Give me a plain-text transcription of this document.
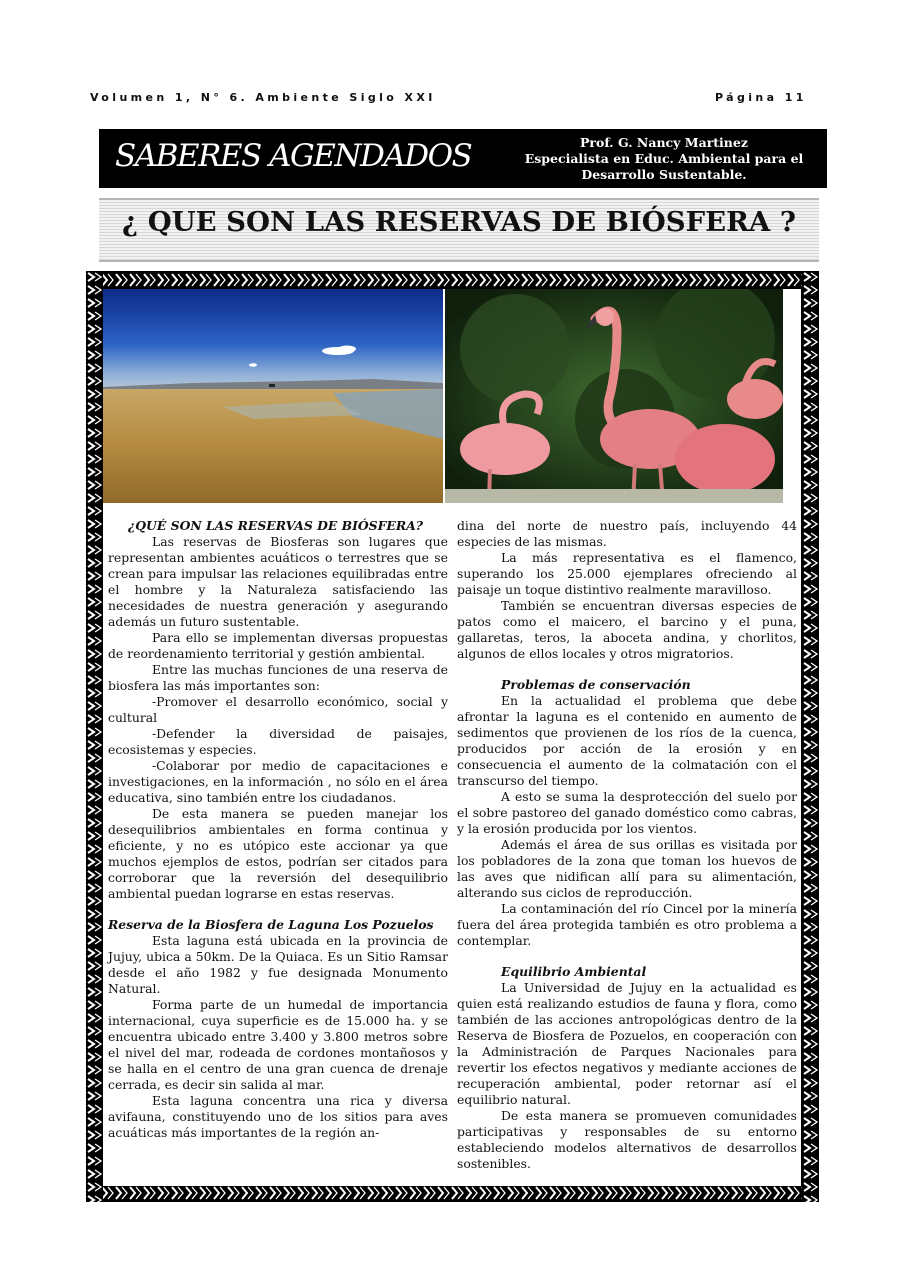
Volumen 1, N° 6. Ambiente Siglo XXI	Página 11
SABERES AGENDADOS	Prof. G. Nancy Martinez
Especialista en Educ. Ambiental para el
Desarrollo Sustentable.
¿ QUE SON LAS RESERVAS DE BIÓSFERA ?

¿QUÉ SON LAS RESERVAS DE BIÓSFERA?

Las reservas de Biosferas son lugares que representan ambientes acuáticos o terrestres que se crean para impulsar las relaciones equilibradas entre el hombre y la Naturaleza satisfaciendo las necesidades de nuestra generación y asegurando además un futuro sustentable.

Para ello se implementan diversas propuestas de reordenamiento territorial y gestión ambiental.

Entre las muchas funciones de una reserva de biosfera las más importantes son:

-Promover el desarrollo económico, social y cultural

-Defender la diversidad de paisajes, ecosistemas y especies.

-Colaborar por medio de capacitaciones e investigaciones, en la información , no sólo en el área educativa, sino también entre los ciudadanos.

De esta manera se pueden manejar los desequilibrios ambientales en forma continua y eficiente, y no es utópico este accionar ya que muchos ejemplos de estos, podrían ser citados para corroborar que la reversión del desequilibrio ambiental puedan lograrse en estas reservas.

Reserva de la Biosfera de Laguna Los Pozuelos

Esta laguna está ubicada en la provincia de Jujuy, ubica a 50km. De la Quiaca. Es un Sitio Ramsar desde el año 1982 y fue designada Monumento Natural.

Forma parte de un humedal de importancia internacional, cuya superficie es de 15.000 ha. y se encuentra ubicado entre 3.400 y 3.800 metros sobre el nivel del mar, rodeada de cordones montañosos y se halla en el centro de una gran cuenca de drenaje cerrada, es decir sin salida al mar.

Esta laguna concentra una rica y diversa avifauna, constituyendo uno de los sitios para aves acuáticas más importantes de la región an-

dina del norte de nuestro país, incluyendo 44 especies de las mismas.

La más representativa es el flamenco, superando los 25.000 ejemplares ofreciendo al paisaje un toque distintivo realmente maravilloso.

También se encuentran diversas especies de patos como el maicero, el barcino y el puna, gallaretas, teros, la aboceta andina, y chorlitos, algunos de ellos locales y otros migratorios.

Problemas de conservación

En la actualidad el problema que debe afrontar la laguna es el contenido en aumento de sedimentos que provienen de los ríos de la cuenca, producidos por acción de la erosión y en consecuencia el aumento de la colmatación con el transcurso del tiempo.

A esto se suma la desprotección del suelo por el sobre pastoreo del ganado doméstico como cabras, y la erosión producida por los vientos.

Además el área de sus orillas es visitada por los pobladores de la zona que toman los huevos de las aves que nidifican allí para su alimentación, alterando sus ciclos de reproducción.

La contaminación del río Cincel por la minería fuera del área protegida también es otro problema a contemplar.

Equilibrio Ambiental

La Universidad de Jujuy en la actualidad es quien está realizando estudios de fauna y flora, como también de las acciones antropológicas dentro de la Reserva de Biosfera de Pozuelos, en cooperación con la Administración de Parques Nacionales para revertir los efectos negativos y mediante acciones de recuperación ambiental, poder retornar así el equilibrio natural.

De esta manera se promueven comunidades participativas y responsables de su entorno estableciendo modelos alternativos de desarrollos sostenibles.
